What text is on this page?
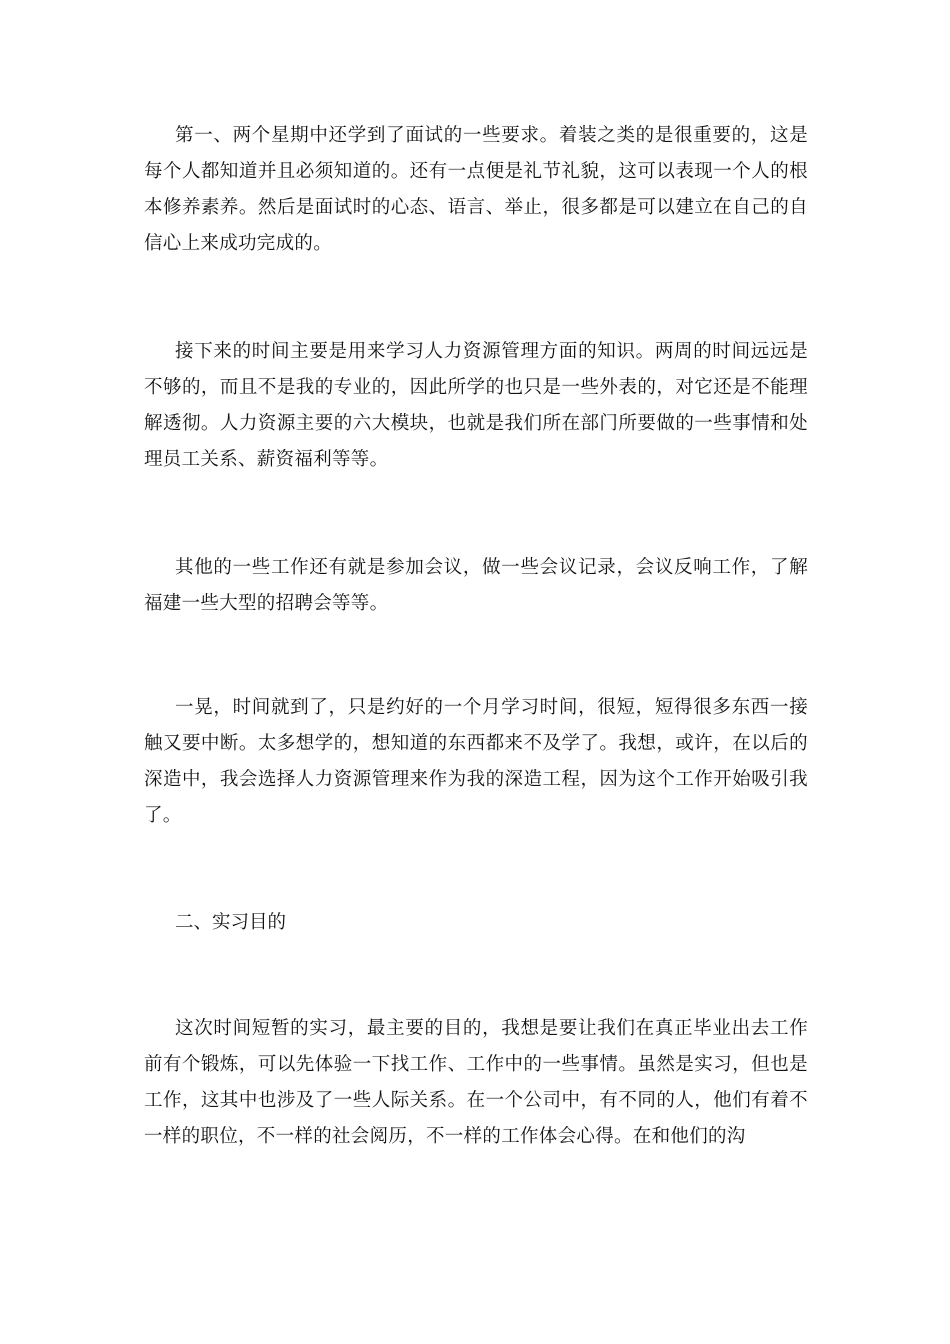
第一、两个星期中还学到了面试的一些要求。着装之类的是很重要的，这是每个人都知道并且必须知道的。还有一点便是礼节礼貌，这可以表现一个人的根本修养素养。然后是面试时的心态、语言、举止，很多都是可以建立在自己的自信心上来成功完成的。

接下来的时间主要是用来学习人力资源管理方面的知识。两周的时间远远是不够的，而且不是我的专业的，因此所学的也只是一些外表的，对它还是不能理解透彻。人力资源主要的六大模块，也就是我们所在部门所要做的一些事情和处理员工关系、薪资福利等等。

其他的一些工作还有就是参加会议，做一些会议记录，会议反响工作，了解福建一些大型的招聘会等等。

一晃，时间就到了，只是约好的一个月学习时间，很短，短得很多东西一接触又要中断。太多想学的，想知道的东西都来不及学了。我想，或许，在以后的深造中，我会选择人力资源管理来作为我的深造工程，因为这个工作开始吸引我了。

二、实习目的

这次时间短暂的实习，最主要的目的，我想是要让我们在真正毕业出去工作前有个锻炼，可以先体验一下找工作、工作中的一些事情。虽然是实习，但也是工作，这其中也涉及了一些人际关系。在一个公司中，有不同的人，他们有着不一样的职位，不一样的社会阅历，不一样的工作体会心得。在和他们的沟
